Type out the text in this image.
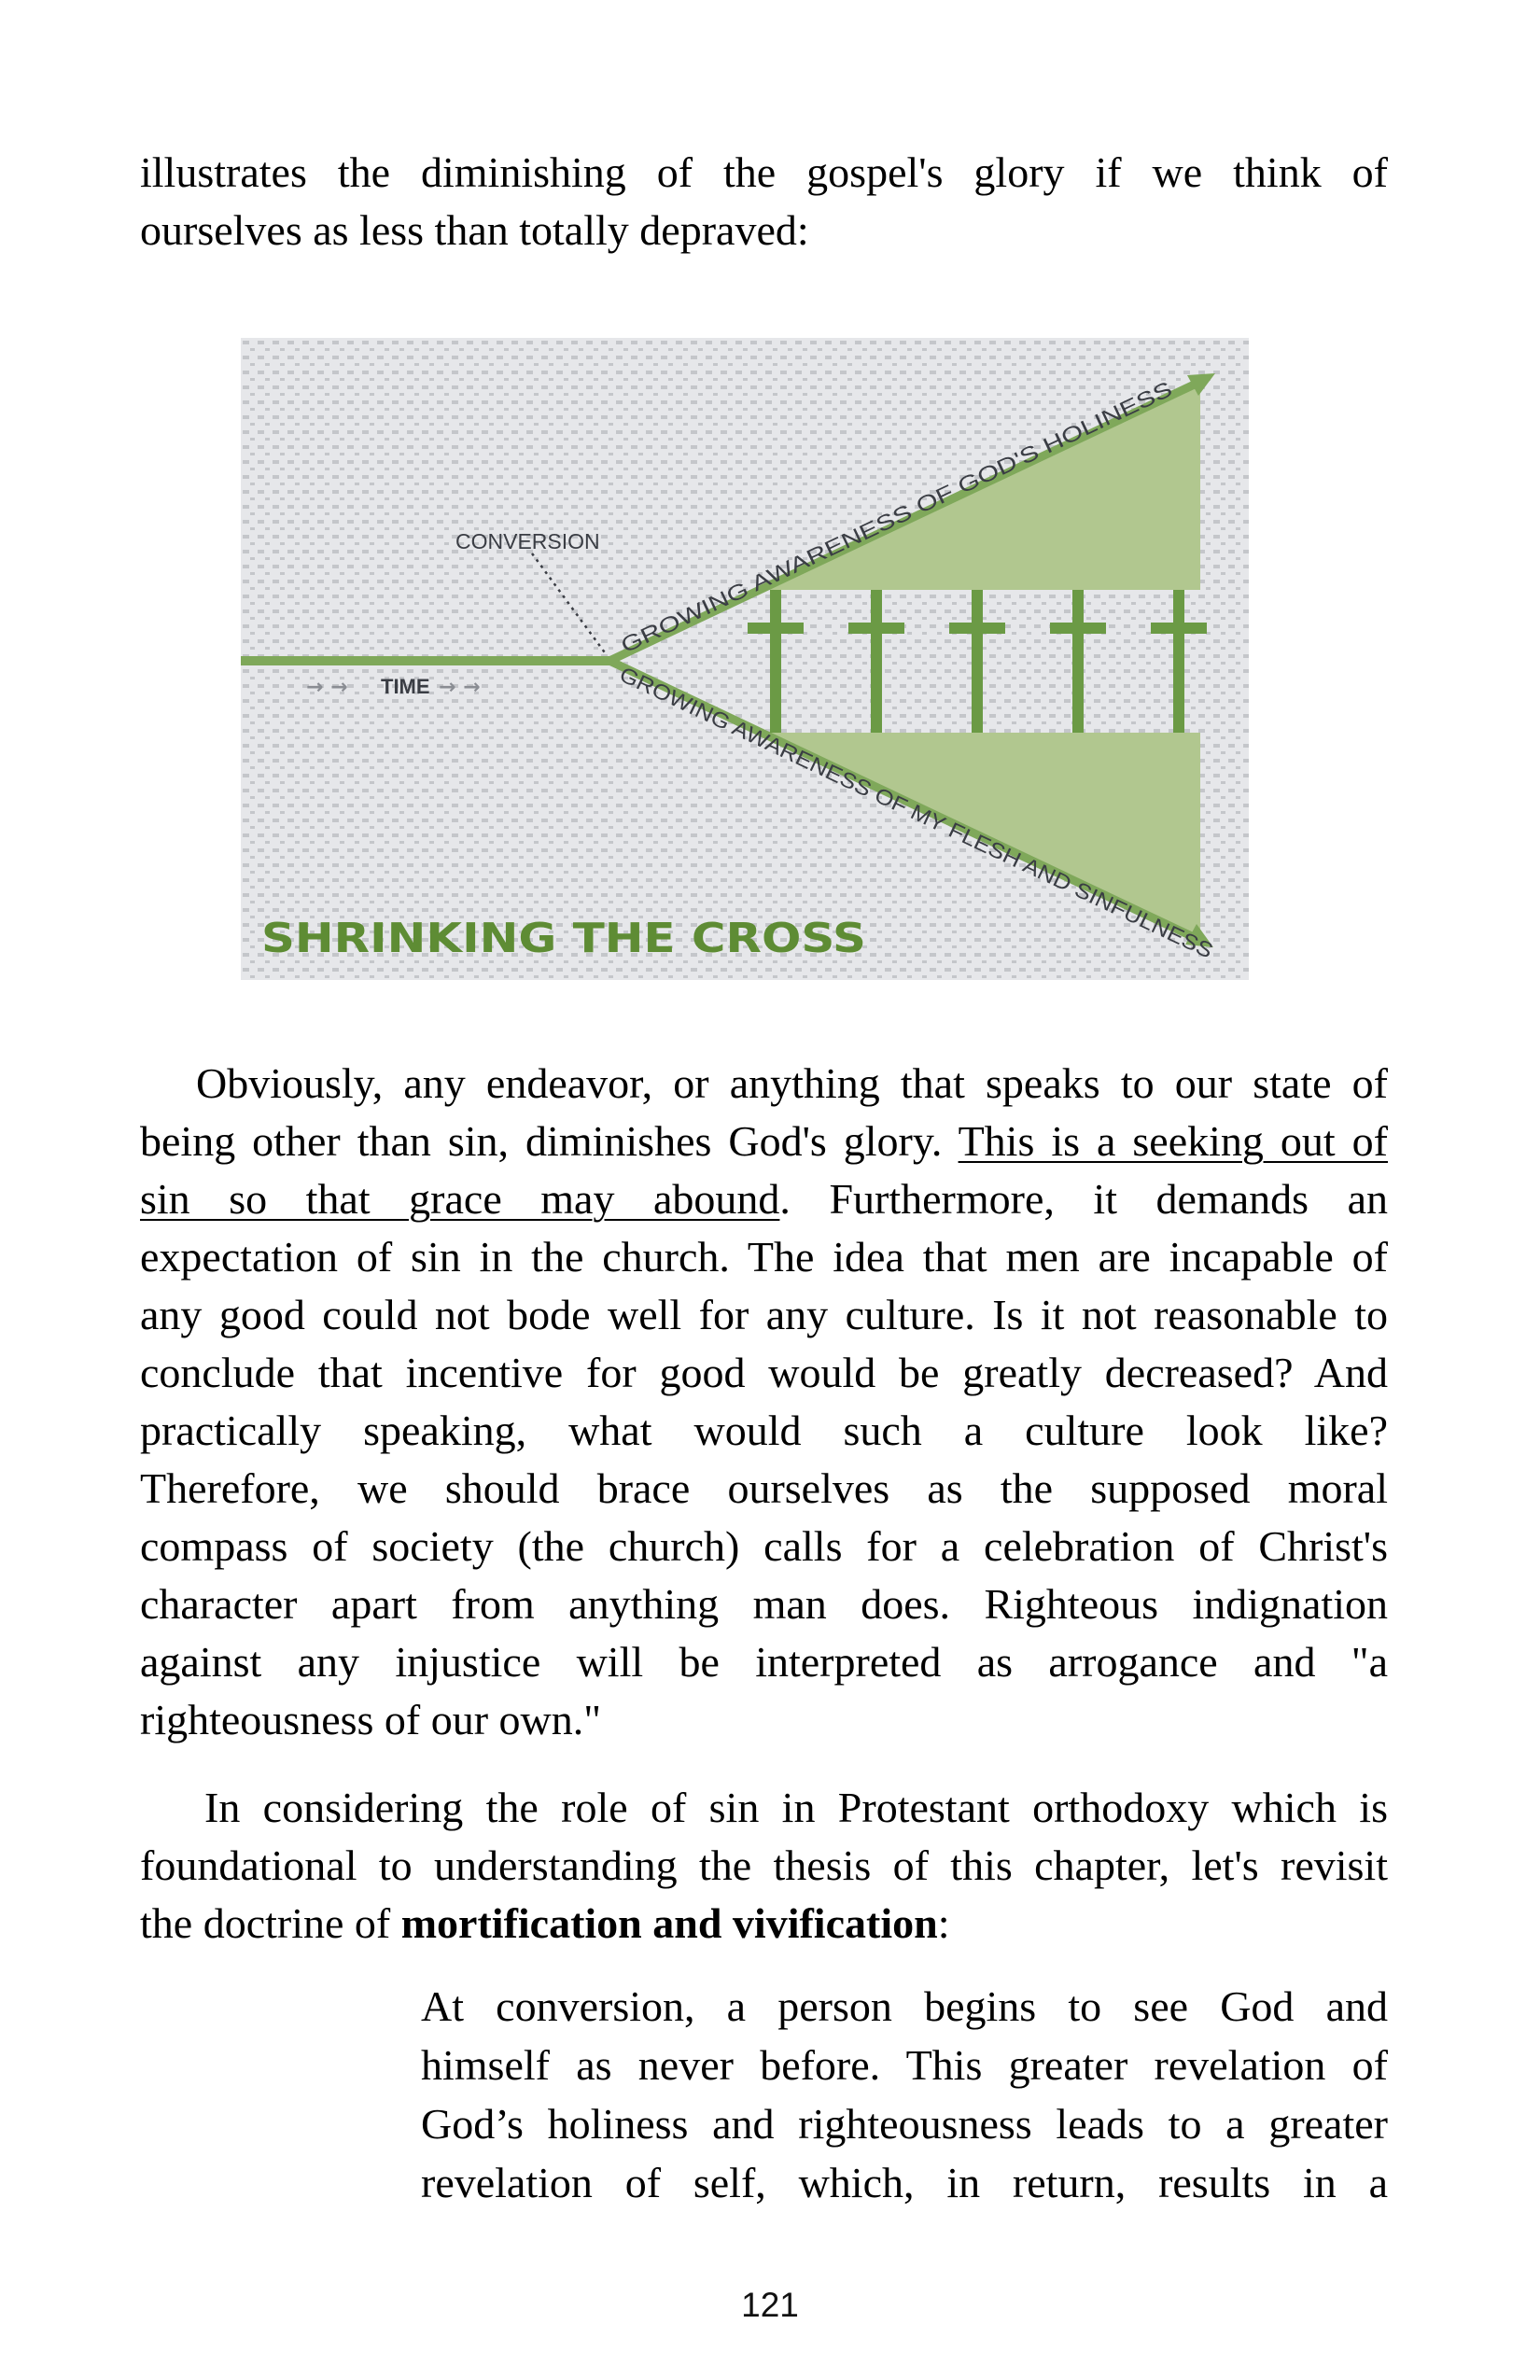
illustrates the diminishing of the gospel's glory if we think of
ourselves as less than totally depraved:
CONVERSION
→ → TIME → →
GROWING AWARENESS OF GOD'S HOLINESS
GROWING AWARENESS OF MY FLESH AND SINFULNESS
SHRINKING THE CROSS
Obviously, any endeavor, or anything that speaks to our state of
being other than sin, diminishes God's glory. This is a seeking out of
sin so that grace may abound. Furthermore, it demands an
expectation of sin in the church. The idea that men are incapable of
any good could not bode well for any culture. Is it not reasonable to
conclude that incentive for good would be greatly decreased? And
practically speaking, what would such a culture look like?
Therefore, we should brace ourselves as the supposed moral
compass of society (the church) calls for a celebration of Christ's
character apart from anything man does. Righteous indignation
against any injustice will be interpreted as arrogance and "a
righteousness of our own."
In considering the role of sin in Protestant orthodoxy which is
foundational to understanding the thesis of this chapter, let's revisit
the doctrine of mortification and vivification:
At conversion, a person begins to see God and
himself as never before. This greater revelation of
God’s holiness and righteousness leads to a greater
revelation of self, which, in return, results in a
121
